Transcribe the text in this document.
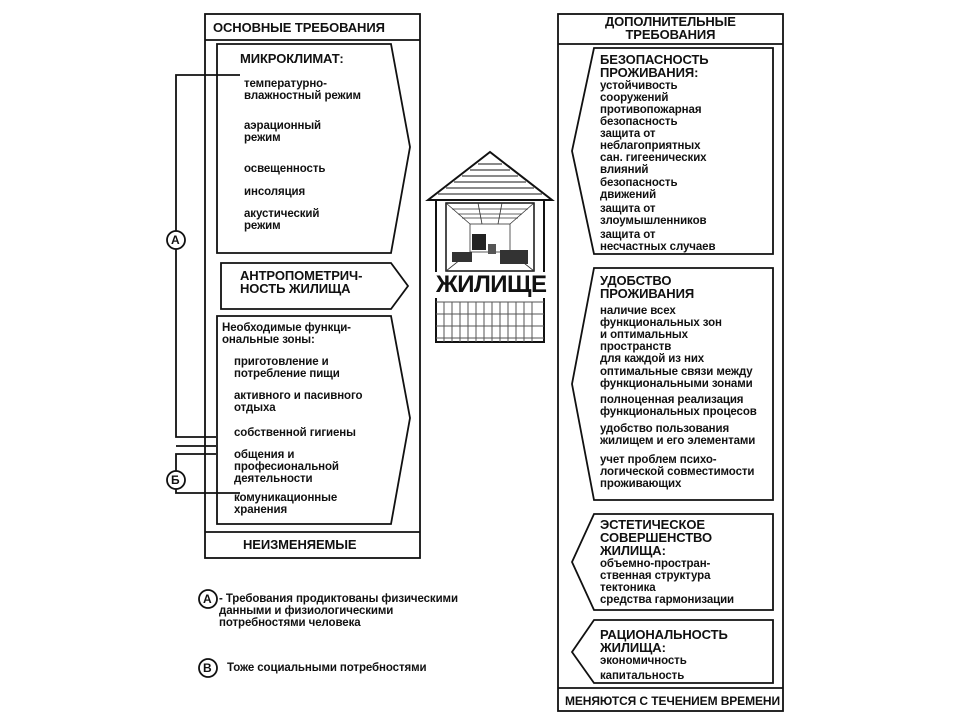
ОСНОВНЫЕ ТРЕБОВАНИЯ
МИКРОКЛИМАТ:
температурно-
влажностный режим
аэрационный
режим
освещенность
инсоляция
акустический
режим
АНТРОПОМЕТРИЧ-
НОСТЬ ЖИЛИЩА
Необходимые функци-
ональные зоны:
приготовление и
потребление пищи
активного и пасивного
отдыха
собственной гигиены
общения и
професиональной
деятельности
комуникационные
хранения
НЕИЗМЕНЯЕМЫЕ
А
Б
ЖИЛИЩЕ
ДОПОЛНИТЕЛЬНЫЕ
ТРЕБОВАНИЯ
БЕЗОПАСНОСТЬ
ПРОЖИВАНИЯ:
устойчивость
сооружений
противопожарная
безопасность
защита от
неблагоприятных
сан. гигеенических
влияний
безопасность
движений
защита от
злоумышленников
защита от
несчастных случаев
УДОБСТВО
ПРОЖИВАНИЯ
наличие всех
функциональных зон
и оптимальных
пространств
для каждой из них
оптимальные связи между
функциональными зонами
полноценная реализация
функциональных процесов
удобство пользования
жилищем и его элементами
учет проблем психо-
логической совместимости
проживающих
ЭСТЕТИЧЕСКОЕ
СОВЕРШЕНСТВО
ЖИЛИЩА:
объемно-простран-
ственная структура
тектоника
средства гармонизации
РАЦИОНАЛЬНОСТЬ
ЖИЛИЩА:
экономичность
капитальность
МЕНЯЮТСЯ С ТЕЧЕНИЕМ ВРЕМЕНИ
А - Требования продиктованы физическими
данными и физиологическими
потребностями человека
В Тоже социальными потребностями
